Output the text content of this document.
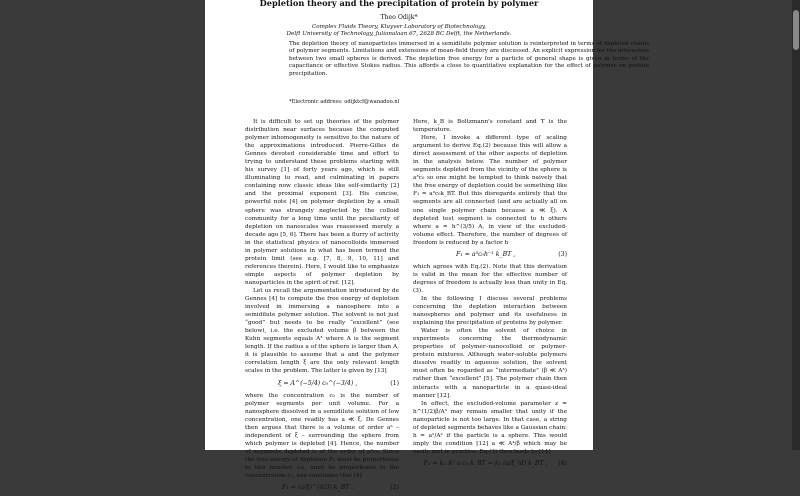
Depletion theory and the precipitation of protein by polymer
Theo Odijk*
Complex Fluids Theory, Kluyver Laboratory of Biotechnology,
Delft University of Technology, Julianalaan 67, 2628 BC Delft, the Netherlands.
The depletion theory of nanoparticles immersed in a semidilute polymer solution is reinterpreted in terms of depleted chains of polymer segments. Limitations and extensions of mean-field theory are discussed. An explicit expression for the interaction between two small spheres is derived. The depletion free energy for a particle of general shape is given in terms of the capacitance or effective Stokes radius. This affords a close to quantitative explanation for the effect of polymer on protein precipitation.
*Electronic address: odijktcf@wanadoo.nl

It is difficult to set up theories of the polymer distribution near surfaces because the computed polymer inhomogeneity is sensitive to the nature of the approximations introduced. Pierre-Gilles de Gennes devoted considerable time and effort to trying to understand these problems starting with his survey [1] of forty years ago, which is still illuminating to read, and culminating in papers containing now classic ideas like self-similarity [2] and the proximal exponent [3]. His concise, powerful note [4] on polymer depletion by a small sphere was strangely neglected by the colloid community for a long time until the peculiarity of depletion on nanoscales was reassessed merely a decade ago [5, 6]. There has been a flurry of activity in the statistical physics of nanocolloids immersed in polymer solutions in what has been termed the protein limit (see e.g. [7, 8, 9, 10, 11] and references therein). Here, I would like to emphasize simple aspects of polymer depletion by nanoparticles in the spirit of ref. [12].

Let us recall the argumentation introduced by de Gennes [4] to compute the free energy of depletion involved in immersing a nanosphere into a semidilute polymer solution. The solvent is not just “good” but needs to be really “excellent” (see below), i.e. the excluded volume β between the Kuhn segments equals A³ where A is the segment length. If the radius a of the sphere is larger than A, it is plausible to assume that a and the polymer correlation length ξ are the only relevant length scales in the problem. The latter is given by [13]

ξ = A^(−5/4) c₀^(−3/4) ,	(1)

where the concentration c₀ is the number of polymer segments per unit volume. For a nanosphere dissolved in a semidilute solution of low concentration, one readily has a ≪ ξ. De Gennes then argues that there is a volume of order a³ – independent of ξ – surrounding the sphere from which polymer is depleted [4]. Hence, the number of segments depleted is of the order of a³c₀. Since the free energy of depletion F₁ must be proportional to this number, i.e. must be proportional to the concentration c₀, one concludes that [4]

F₁ ≃ (a/ξ)^(4/3) k_BT .	(2)

Here, k_B is Boltzmann's constant and T is the temperature.

Here, I invoke a different type of scaling argument to derive Eq.(2) because this will allow a direct assessment of the other aspects of depletion in the analysis below. The number of polymer segments depleted from the vicinity of the sphere is a³c₀ so one might be tempted to think naively that the free energy of depletion could be something like F₁ ≃ a³c₀k_BT. But this disregards entirely that the segments are all connected (and are actually all on one single polymer chain because a ≪ ξ). A depleted test segment is connected to h others where a ≃ h^(3/5) A, in view of the excluded-volume effect. Therefore, the number of degrees of freedom is reduced by a factor h

F₁ ≃ a³c₀h⁻¹ k_BT ,	(3)

which agrees with Eq.(2). Note that this derivation is valid in the mean for the effective number of degrees of freedom is actually less than unity in Eq.(3).

In the following I discuss several problems concerning the depletion interaction between nanospheres and polymer and its usefulness in explaining the precipitation of proteins by polymer.

Water is often the solvent of choice in experiments concerning the thermodynamic properties of polymer–nanocolloid or polymer-protein mixtures. Although water-soluble polymers dissolve readily in aqueous solution, the solvent must often be regarded as “intermediate” (β ≪ A³) rather than “excellent” [5]. The polymer chain then interacts with a nanoparticle in a quasi-ideal manner [12].

In effect, the excluded-volume parameter z = h^(1/2)β/A³ may remain smaller that unity if the nanoparticle is not too large. In that case, a string of depleted segments behaves like a Gaussian chain: h ≃ a²/A² if the particle is a sphere. This would imply the condition [12] a ≪ A⁴/β which may be easily met in practice. Eq.(3) then leads to [14]

F₁ = k₁ A² a c₀ k_BT = k₁ (a/ξ_id) k_BT ,	(4)
